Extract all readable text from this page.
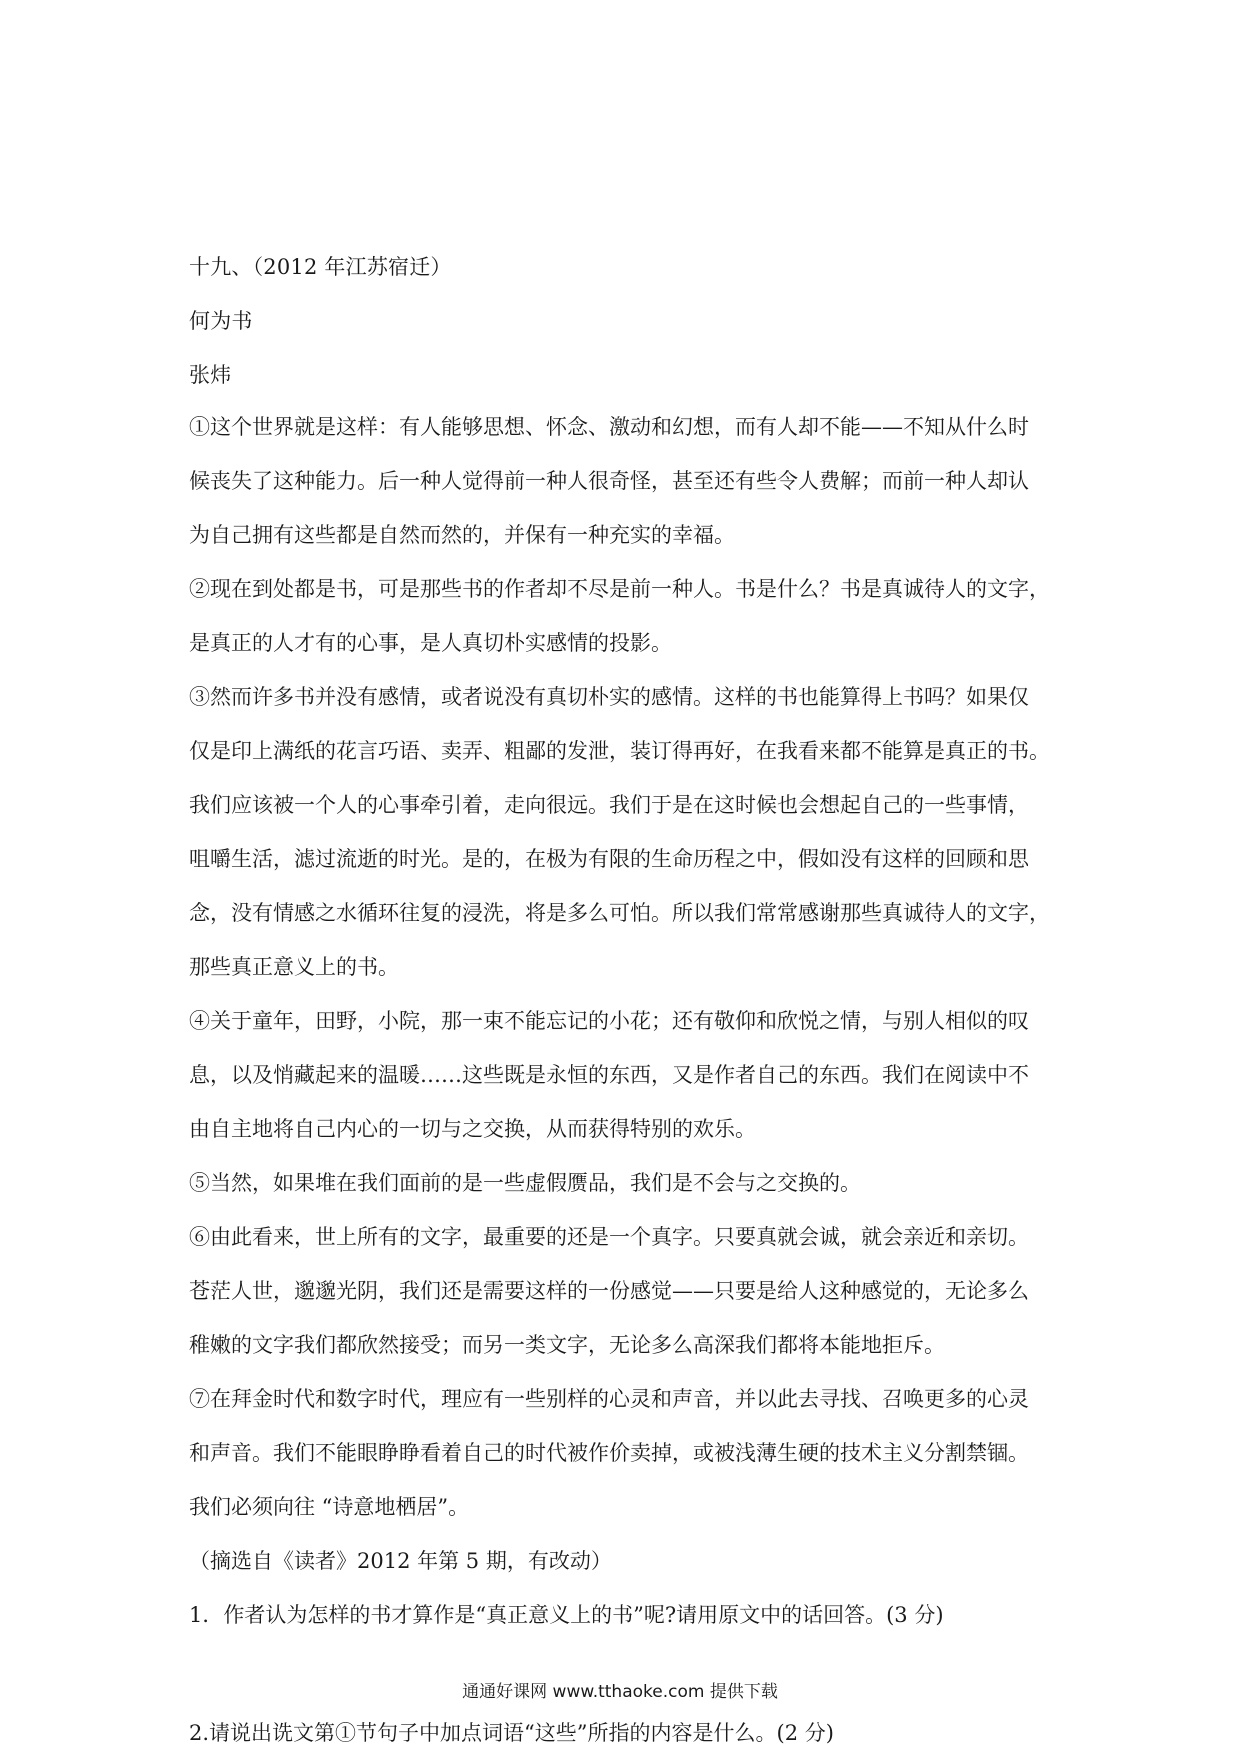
十九、（2012 年江苏宿迁）
何为书
张炜
①这个世界就是这样：有人能够思想、怀念、激动和幻想，而有人却不能——不知从什么时
候丧失了这种能力。后一种人觉得前一种人很奇怪，甚至还有些令人费解；而前一种人却认
为自己拥有这些都是自然而然的，并保有一种充实的幸福。
②现在到处都是书，可是那些书的作者却不尽是前一种人。书是什么？书是真诚待人的文字，
是真正的人才有的心事，是人真切朴实感情的投影。
③然而许多书并没有感情，或者说没有真切朴实的感情。这样的书也能算得上书吗？如果仅
仅是印上满纸的花言巧语、卖弄、粗鄙的发泄，装订得再好，在我看来都不能算是真正的书。
我们应该被一个人的心事牵引着，走向很远。我们于是在这时候也会想起自己的一些事情，
咀嚼生活，滤过流逝的时光。是的，在极为有限的生命历程之中，假如没有这样的回顾和思
念，没有情感之水循环往复的浸洗，将是多么可怕。所以我们常常感谢那些真诚待人的文字，
那些真正意义上的书。
④关于童年，田野，小院，那一束不能忘记的小花；还有敬仰和欣悦之情，与别人相似的叹
息，以及悄藏起来的温暖……这些既是永恒的东西，又是作者自己的东西。我们在阅读中不
由自主地将自己内心的一切与之交换，从而获得特别的欢乐。
⑤当然，如果堆在我们面前的是一些虚假赝品，我们是不会与之交换的。
⑥由此看来，世上所有的文字，最重要的还是一个真字。只要真就会诚，就会亲近和亲切。
苍茫人世，邈邈光阴，我们还是需要这样的一份感觉——只要是给人这种感觉的，无论多么
稚嫩的文字我们都欣然接受；而另一类文字，无论多么高深我们都将本能地拒斥。
⑦在拜金时代和数字时代，理应有一些别样的心灵和声音，并以此去寻找、召唤更多的心灵
和声音。我们不能眼睁睁看着自己的时代被作价卖掉，或被浅薄生硬的技术主义分割禁锢。
我们必须向往 “诗意地栖居”。
（摘选自《读者》2012 年第 5 期，有改动）
1．作者认为怎样的书才算作是“真正意义上的书”呢?请用原文中的话回答。(3 分)
2.请说出诜文第①节句子中加点词语“这些”所指的内容是什么。(2 分)
通通好课网 www.tthaoke.com 提供下载
